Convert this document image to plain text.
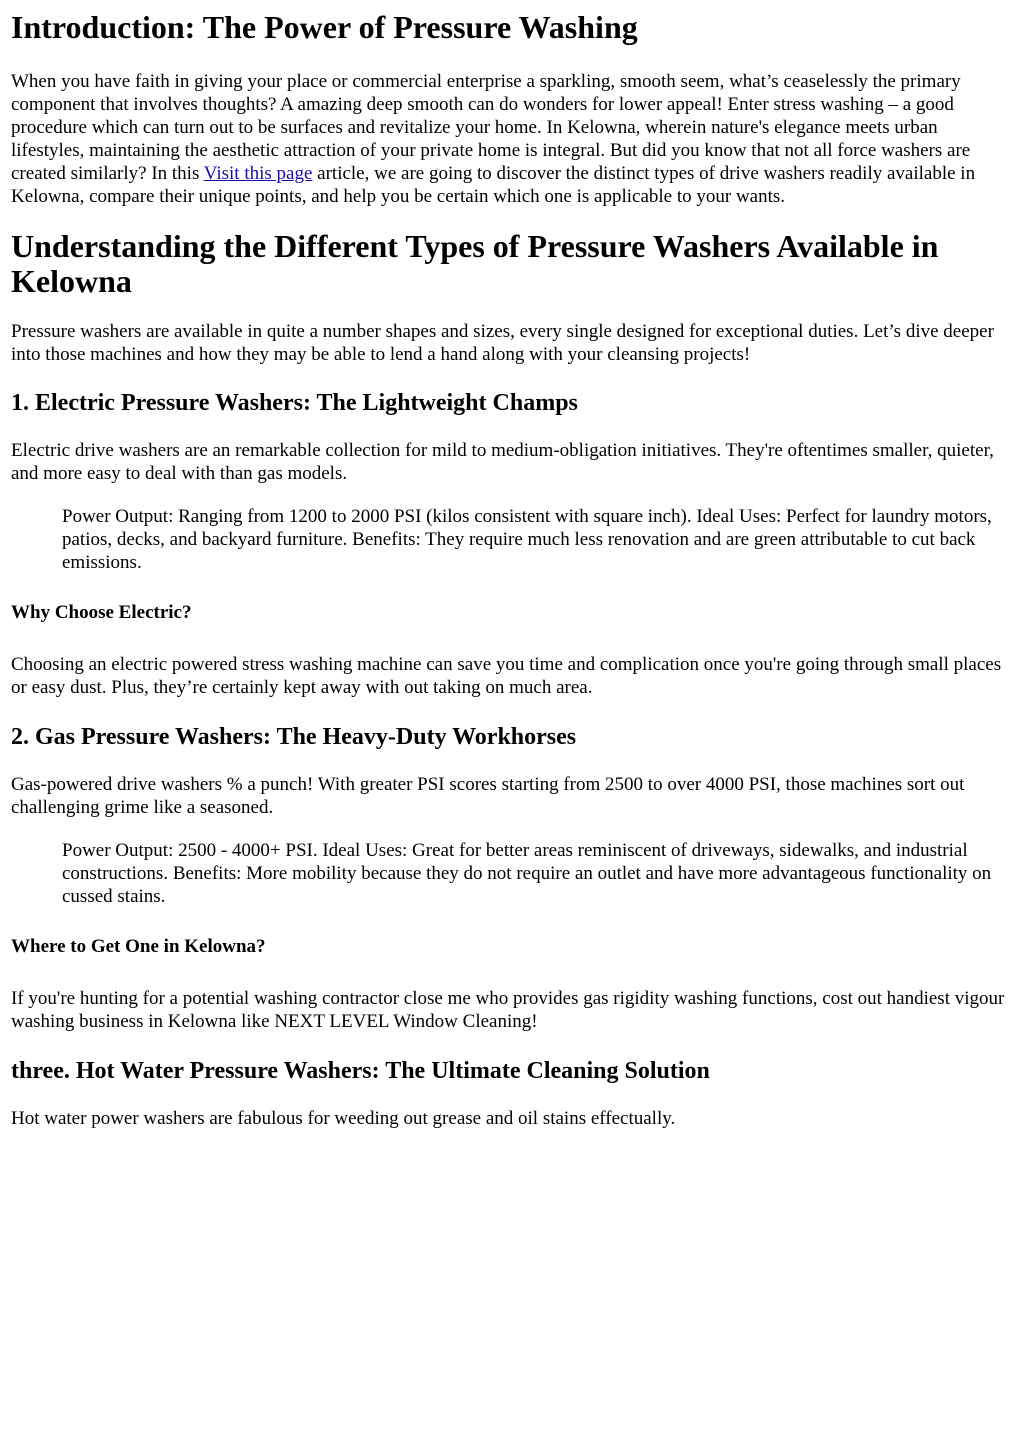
Introduction: The Power of Pressure Washing

When you have faith in giving your place or commercial enterprise a sparkling, smooth seem, what’s ceaselessly the primary component that involves thoughts? A amazing deep smooth can do wonders for lower appeal! Enter stress washing – a good procedure which can turn out to be surfaces and revitalize your home. In Kelowna, wherein nature's elegance meets urban lifestyles, maintaining the aesthetic attraction of your private home is integral. But did you know that not all force washers are created similarly? In this Visit this page article, we are going to discover the distinct types of drive washers readily available in Kelowna, compare their unique points, and help you be certain which one is applicable to your wants.

Understanding the Different Types of Pressure Washers Available in Kelowna

Pressure washers are available in quite a number shapes and sizes, every single designed for exceptional duties. Let’s dive deeper into those machines and how they may be able to lend a hand along with your cleansing projects!

1. Electric Pressure Washers: The Lightweight Champs

Electric drive washers are an remarkable collection for mild to medium-obligation initiatives. They're oftentimes smaller, quieter, and more easy to deal with than gas models.

Power Output: Ranging from 1200 to 2000 PSI (kilos consistent with square inch). Ideal Uses: Perfect for laundry motors, patios, decks, and backyard furniture. Benefits: They require much less renovation and are green attributable to cut back emissions.
Why Choose Electric?

Choosing an electric powered stress washing machine can save you time and complication once you're going through small places or easy dust. Plus, they’re certainly kept away with out taking on much area.

2. Gas Pressure Washers: The Heavy-Duty Workhorses

Gas-powered drive washers % a punch! With greater PSI scores starting from 2500 to over 4000 PSI, those machines sort out challenging grime like a seasoned.

Power Output: 2500 - 4000+ PSI. Ideal Uses: Great for better areas reminiscent of driveways, sidewalks, and industrial constructions. Benefits: More mobility because they do not require an outlet and have more advantageous functionality on cussed stains.
Where to Get One in Kelowna?

If you're hunting for a potential washing contractor close me who provides gas rigidity washing functions, cost out handiest vigour washing business in Kelowna like NEXT LEVEL Window Cleaning!

three. Hot Water Pressure Washers: The Ultimate Cleaning Solution

Hot water power washers are fabulous for weeding out grease and oil stains effectually.
